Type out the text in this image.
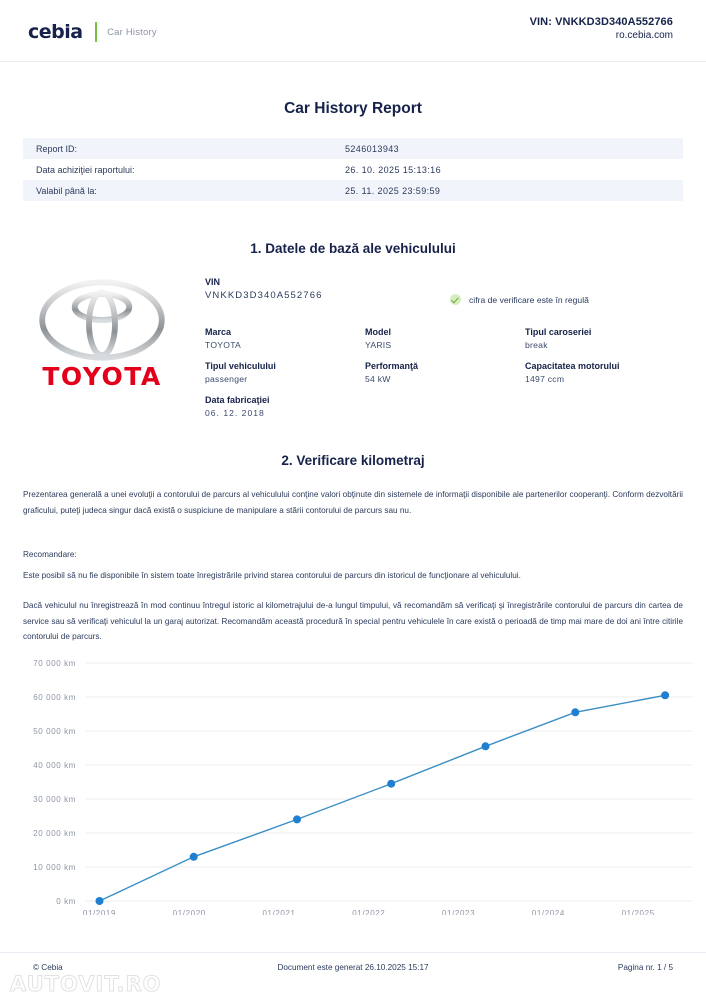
cebia	Car History
VIN: VNKKD3D340A552766
ro.cebia.com
Car History Report
Report ID:	5246013943
Data achiziţiei raportului:	26. 10. 2025 15:13:16
Valabil până la:	25. 11. 2025 23:59:59
1. Datele de bază ale vehiculului
TOYOTA
VIN
VNKKD3D340A552766	cifra de verificare este în regulă
Marca
TOYOTA
Model
YARIS
Tipul caroseriei
break
Tipul vehiculului
passenger
Performanţă
54 kW
Capacitatea motorului
1497 ccm
Data fabricaţiei
06. 12. 2018
2. Verificare kilometraj
Prezentarea generală a unei evoluţii a contorului de parcurs al vehiculului conţine valori obţinute din sistemele de informaţii disponibile ale partenerilor cooperanţi. Conform dezvoltării graficului, puteţi judeca singur dacă există o suspiciune de manipulare a stării contorului de parcurs sau nu.
Recomandare:
Este posibil să nu fie disponibile în sistem toate înregistrările privind starea contorului de parcurs din istoricul de funcţionare al vehiculului.
Dacă vehiculul nu înregistrează în mod continuu întregul istoric al kilometrajului de-a lungul timpului, vă recomandăm să verificaţi şi înregistrările contorului de parcurs din cartea de service sau să verificaţi vehiculul la un garaj autorizat. Recomandăm această procedură în special pentru vehiculele în care există o perioadă de timp mai mare de doi ani între citirile contorului de parcurs.
70 000 km
60 000 km
50 000 km
40 000 km
30 000 km
20 000 km
10 000 km
0 km
01/2019	01/2020	01/2021	01/2022	01/2023	01/2024	01/2025
© Cebia	Document este generat 26.10.2025 15:17	Pagina nr. 1 / 5
AUTOVIT.RO
